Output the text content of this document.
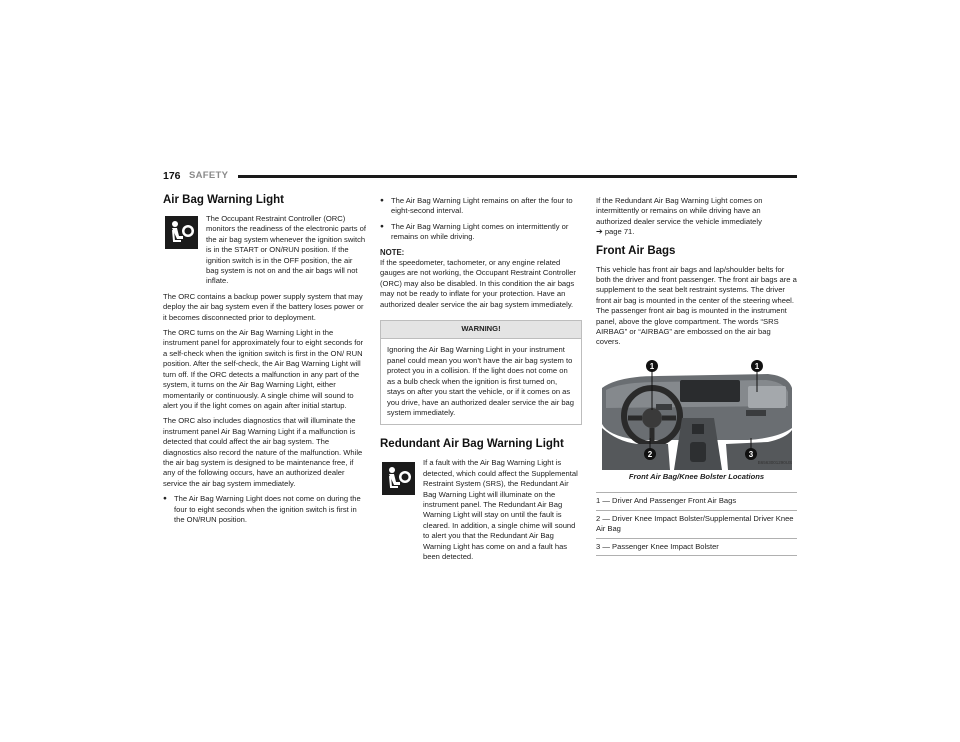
176 SAFETY
Air Bag Warning Light
The Occupant Restraint Controller (ORC) monitors the readiness of the electronic parts of the air bag system whenever the ignition switch is in the START or ON/RUN position. If the ignition switch is in the OFF position, the air bag system is not on and the air bags will not inflate.

The ORC contains a backup power supply system that may deploy the air bag system even if the battery loses power or it becomes disconnected prior to deployment.

The ORC turns on the Air Bag Warning Light in the instrument panel for approximately four to eight seconds for a self-check when the ignition switch is first in the ON/ RUN position. After the self-check, the Air Bag Warning Light will turn off. If the ORC detects a malfunction in any part of the system, it turns on the Air Bag Warning Light, either momentarily or continuously. A single chime will sound to alert you if the light comes on again after initial startup.

The ORC also includes diagnostics that will illuminate the instrument panel Air Bag Warning Light if a malfunction is detected that could affect the air bag system. The diagnostics also record the nature of the malfunction. While the air bag system is designed to be maintenance free, if any of the following occurs, have an authorized dealer service the air bag system immediately.

● The Air Bag Warning Light does not come on during the four to eight seconds when the ignition switch is first in the ON/RUN position.
● The Air Bag Warning Light remains on after the four to eight-second interval.
● The Air Bag Warning Light comes on intermittently or remains on while driving.

NOTE:

If the speedometer, tachometer, or any engine related gauges are not working, the Occupant Restraint Controller (ORC) may also be disabled. In this condition the air bags may not be ready to inflate for your protection. Have an authorized dealer service the air bag system immediately.

WARNING!
Ignoring the Air Bag Warning Light in your instrument panel could mean you won’t have the air bag system to protect you in a collision. If the light does not come on as a bulb check when the ignition is first turned on, stays on after you start the vehicle, or if it comes on as you drive, have an authorized dealer service the air bag system immediately.
Redundant Air Bag Warning Light
If a fault with the Air Bag Warning Light is detected, which could affect the Supplemental Restraint System (SRS), the Redundant Air Bag Warning Light will illuminate on the instrument panel. The Redundant Air Bag Warning Light will stay on until the fault is cleared. In addition, a single chime will sound to alert you that the Redundant Air Bag Warning Light has come on and a fault has been detected.

If the Redundant Air Bag Warning Light comes on intermittently or remains on while driving have an authorized dealer service the vehicle immediately
➔ page 71.

Front Air Bags

This vehicle has front air bags and lap/shoulder belts for both the driver and front passenger. The front air bags are a supplement to the seat belt restraint systems. The driver front air bag is mounted in the center of the steering wheel. The passenger front air bag is mounted in the instrument panel, above the glove compartment. The words “SRS AIRBAG” or “AIRBAG” are embossed on the air bag covers.

1	1
2	3
B6563001290US
Front Air Bag/Knee Bolster Locations
1 — Driver And Passenger Front Air Bags
2 — Driver Knee Impact Bolster/Supplemental Driver Knee Air Bag
3 — Passenger Knee Impact Bolster
